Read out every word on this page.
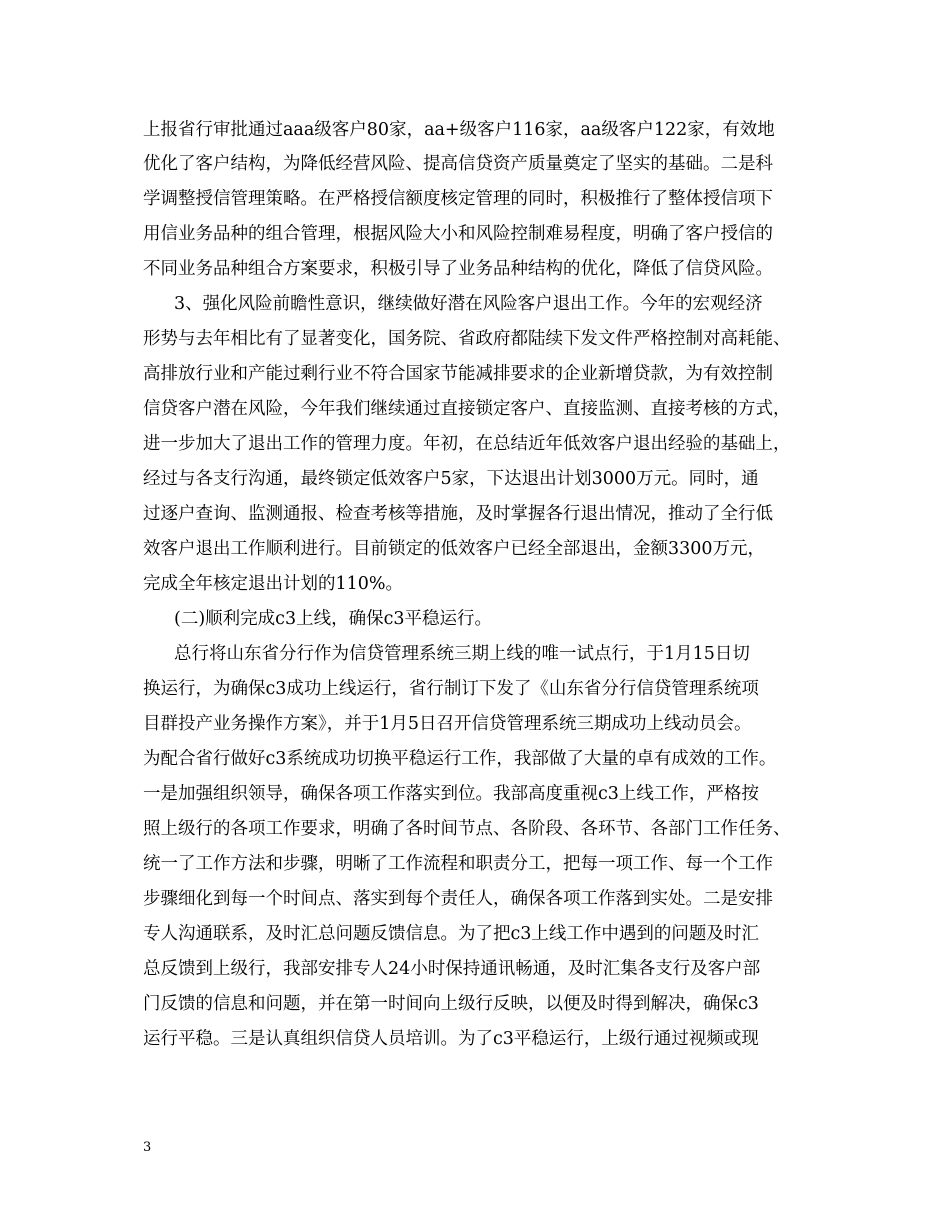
上报省行审批通过aaa级客户80家，aa+级客户116家，aa级客户122家，有效地
优化了客户结构，为降低经营风险、提高信贷资产质量奠定了坚实的基础。二是科
学调整授信管理策略。在严格授信额度核定管理的同时，积极推行了整体授信项下
用信业务品种的组合管理，根据风险大小和风险控制难易程度，明确了客户授信的
不同业务品种组合方案要求，积极引导了业务品种结构的优化，降低了信贷风险。
3、强化风险前瞻性意识，继续做好潜在风险客户退出工作。今年的宏观经济
形势与去年相比有了显著变化，国务院、省政府都陆续下发文件严格控制对高耗能、
高排放行业和产能过剩行业不符合国家节能减排要求的企业新增贷款，为有效控制
信贷客户潜在风险，今年我们继续通过直接锁定客户、直接监测、直接考核的方式，
进一步加大了退出工作的管理力度。年初，在总结近年低效客户退出经验的基础上，
经过与各支行沟通，最终锁定低效客户5家，下达退出计划3000万元。同时，通
过逐户查询、监测通报、检查考核等措施，及时掌握各行退出情况，推动了全行低
效客户退出工作顺利进行。目前锁定的低效客户已经全部退出，金额3300万元，
完成全年核定退出计划的110%。
(二)顺利完成c3上线，确保c3平稳运行。
总行将山东省分行作为信贷管理系统三期上线的唯一试点行，于1月15日切
换运行，为确保c3成功上线运行，省行制订下发了《山东省分行信贷管理系统项
目群投产业务操作方案》，并于1月5日召开信贷管理系统三期成功上线动员会。
为配合省行做好c3系统成功切换平稳运行工作，我部做了大量的卓有成效的工作。
一是加强组织领导，确保各项工作落实到位。我部高度重视c3上线工作，严格按
照上级行的各项工作要求，明确了各时间节点、各阶段、各环节、各部门工作任务、
统一了工作方法和步骤，明晰了工作流程和职责分工，把每一项工作、每一个工作
步骤细化到每一个时间点、落实到每个责任人，确保各项工作落到实处。二是安排
专人沟通联系，及时汇总问题反馈信息。为了把c3上线工作中遇到的问题及时汇
总反馈到上级行，我部安排专人24小时保持通讯畅通，及时汇集各支行及客户部
门反馈的信息和问题，并在第一时间向上级行反映，以便及时得到解决，确保c3
运行平稳。三是认真组织信贷人员培训。为了c3平稳运行，上级行通过视频或现
3
